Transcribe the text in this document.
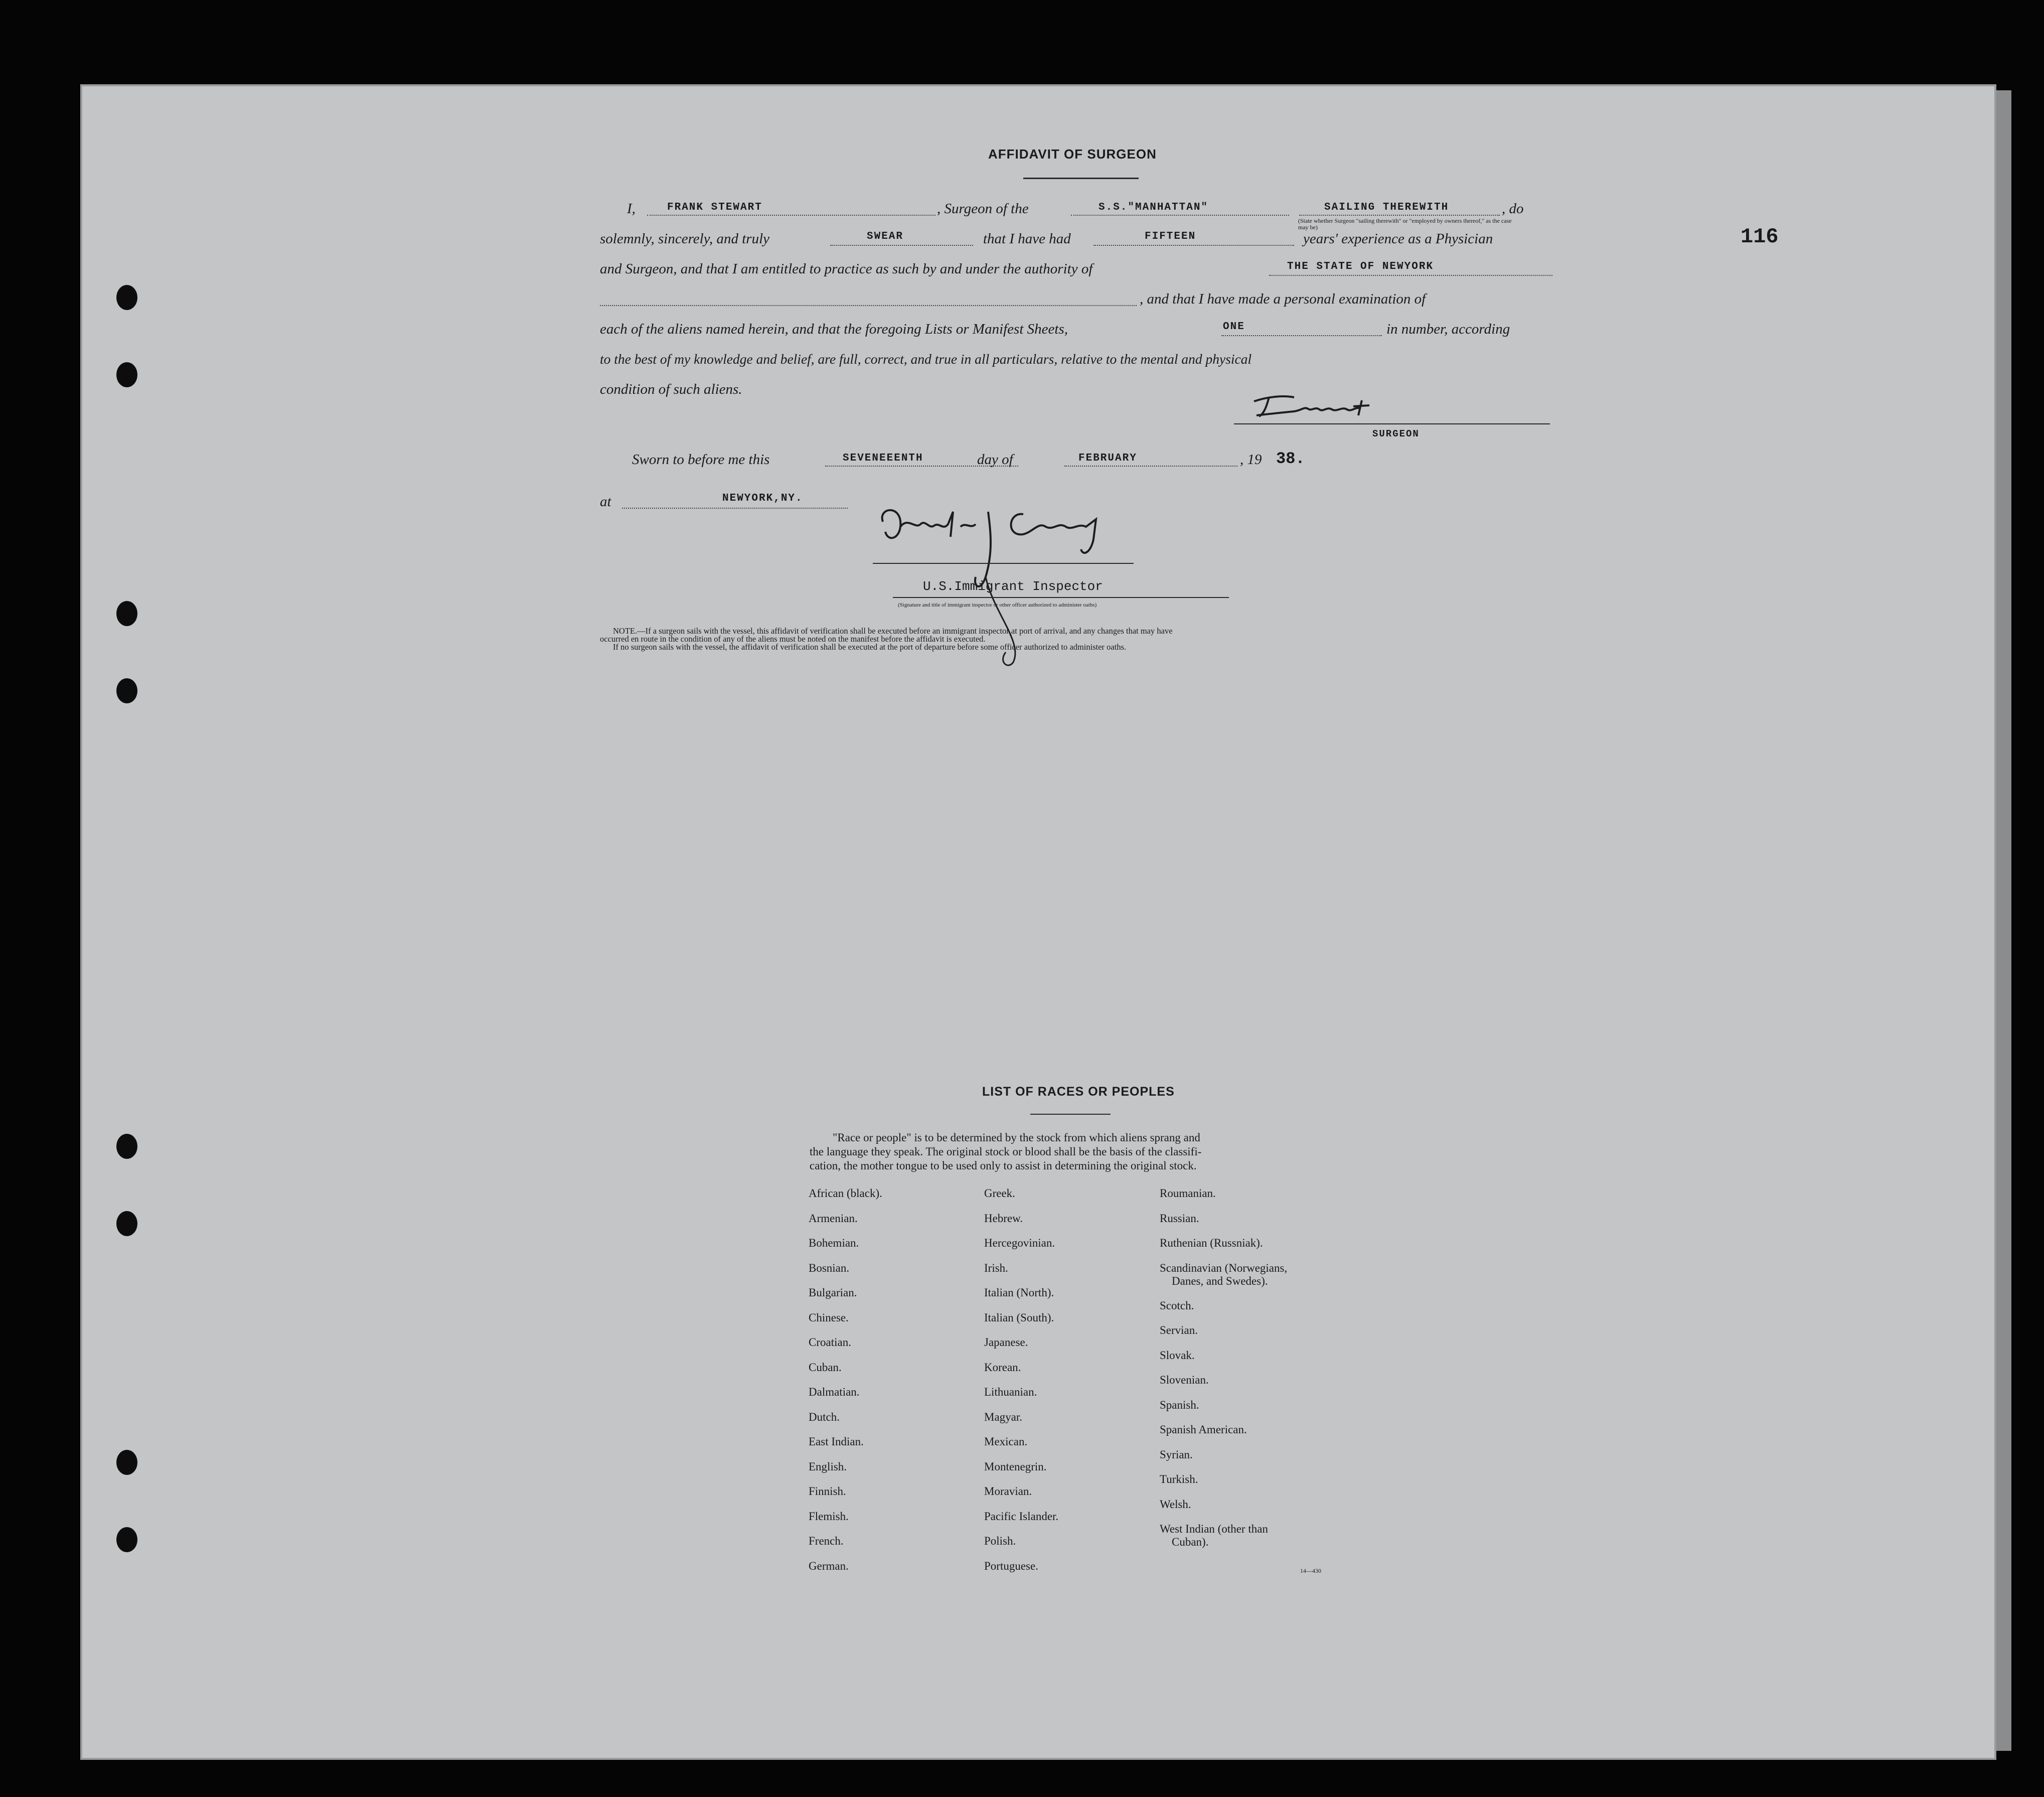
116
AFFIDAVIT OF SURGEON
I,	FRANK STEWART	, Surgeon of the	S.S."MANHATTAN"	SAILING THEREWITH	, do
(State whether Surgeon "sailing therewith" or "employed by owners thereof," as the case may be)
solemnly, sincerely, and truly	SWEAR	that I have had	FIFTEEN	years' experience as a Physician
and Surgeon, and that I am entitled to practice as such by and under the authority of	THE STATE OF NEWYORK
, and that I have made a personal examination of
each of the aliens named herein, and that the foregoing Lists or Manifest Sheets,	ONE	in number, according
to the best of my knowledge and belief, are full, correct, and true in all particulars, relative to the mental and physical
condition of such aliens.
SURGEON
Sworn to before me this	SEVENEEENTH	day of	FEBRUARY	, 19 38.
at	NEWYORK,NY.
U.S.Immigrant Inspector
(Signature and title of immigrant inspector or other officer authorized to administer oaths)
NOTE.—If a surgeon sails with the vessel, this affidavit of verification shall be executed before an immigrant inspector at port of arrival, and any changes that may have
occurred en route in the condition of any of the aliens must be noted on the manifest before the affidavit is executed.
If no surgeon sails with the vessel, the affidavit of verification shall be executed at the port of departure before some officer authorized to administer oaths.
LIST OF RACES OR PEOPLES
"Race or people" is to be determined by the stock from which aliens sprang and
the language they speak. The original stock or blood shall be the basis of the classifi-
cation, the mother tongue to be used only to assist in determining the original stock.
African (black).
Armenian.
Bohemian.
Bosnian.
Bulgarian.
Chinese.
Croatian.
Cuban.
Dalmatian.
Dutch.
East Indian.
English.
Finnish.
Flemish.
French.
German.
Greek.
Hebrew.
Hercegovinian.
Irish.
Italian (North).
Italian (South).
Japanese.
Korean.
Lithuanian.
Magyar.
Mexican.
Montenegrin.
Moravian.
Pacific Islander.
Polish.
Portuguese.
Roumanian.
Russian.
Ruthenian (Russniak).
Scandinavian (Norwegians,
Danes, and Swedes).
Scotch.
Servian.
Slovak.
Slovenian.
Spanish.
Spanish American.
Syrian.
Turkish.
Welsh.
West Indian (other than
Cuban).
14—430
